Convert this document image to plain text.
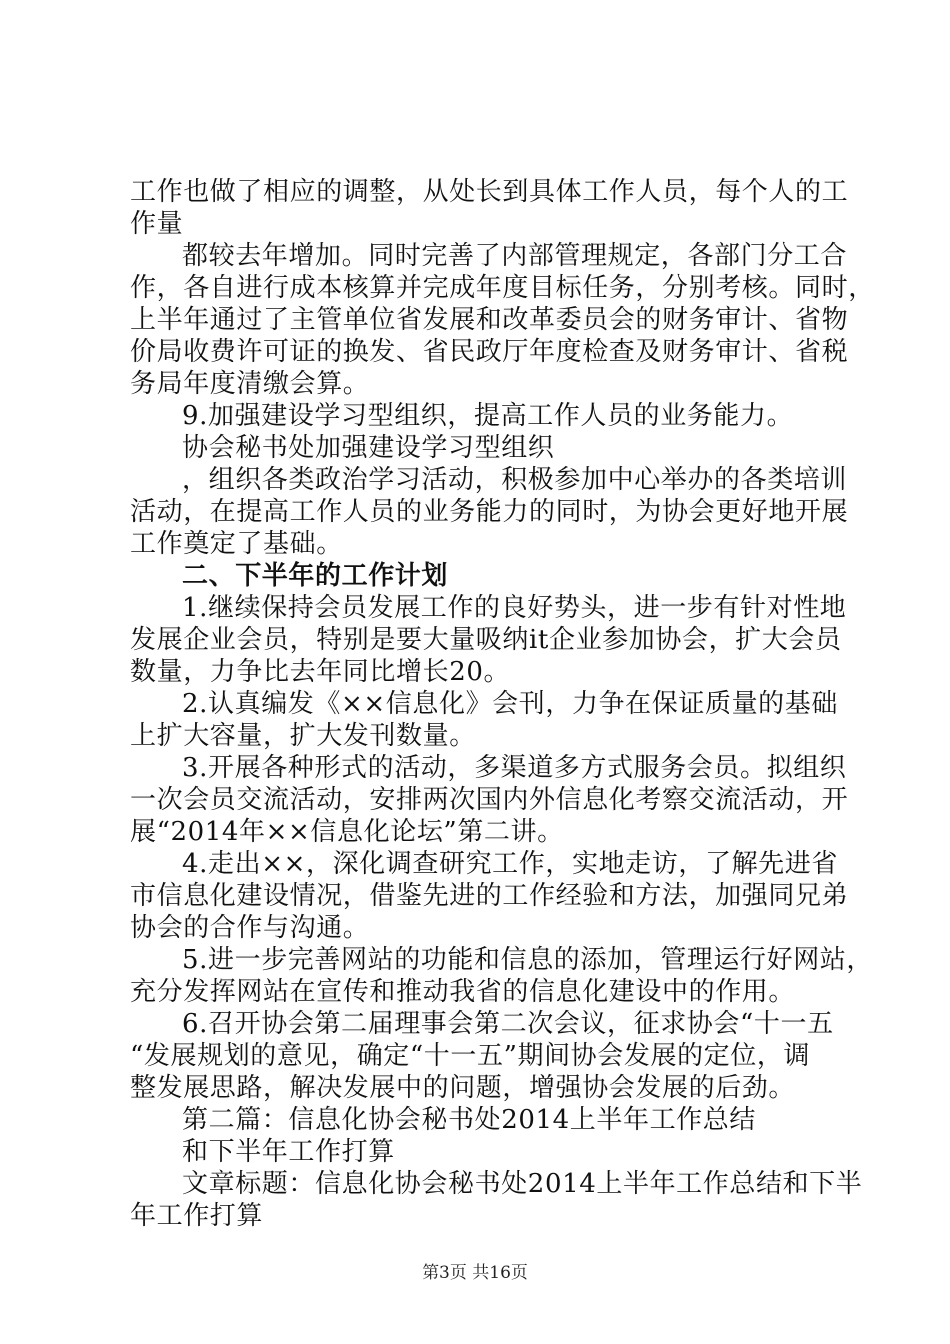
工作也做了相应的调整，从处长到具体工作人员，每个人的工
作量
都较去年增加。同时完善了内部管理规定，各部门分工合
作，各自进行成本核算并完成年度目标任务，分别考核。同时，
上半年通过了主管单位省发展和改革委员会的财务审计、省物
价局收费许可证的换发、省民政厅年度检查及财务审计、省税
务局年度清缴会算。
9.加强建设学习型组织，提高工作人员的业务能力。
协会秘书处加强建设学习型组织
，组织各类政治学习活动，积极参加中心举办的各类培训
活动，在提高工作人员的业务能力的同时，为协会更好地开展
工作奠定了基础。
二、下半年的工作计划
1.继续保持会员发展工作的良好势头，进一步有针对性地
发展企业会员，特别是要大量吸纳it企业参加协会，扩大会员
数量，力争比去年同比增长20。
2.认真编发《××信息化》会刊，力争在保证质量的基础
上扩大容量，扩大发刊数量。
3.开展各种形式的活动，多渠道多方式服务会员。拟组织
一次会员交流活动，安排两次国内外信息化考察交流活动，开
展“2014年××信息化论坛”第二讲。
4.走出××，深化调查研究工作，实地走访，了解先进省
市信息化建设情况，借鉴先进的工作经验和方法，加强同兄弟
协会的合作与沟通。
5.进一步完善网站的功能和信息的添加，管理运行好网站，
充分发挥网站在宣传和推动我省的信息化建设中的作用。
6.召开协会第二届理事会第二次会议，征求协会“十一五
“发展规划的意见，确定“十一五”期间协会发展的定位，调
整发展思路，解决发展中的问题，增强协会发展的后劲。
第二篇：信息化协会秘书处2014上半年工作总结
和下半年工作打算
文章标题：信息化协会秘书处2014上半年工作总结和下半
年工作打算
第3页 共16页
